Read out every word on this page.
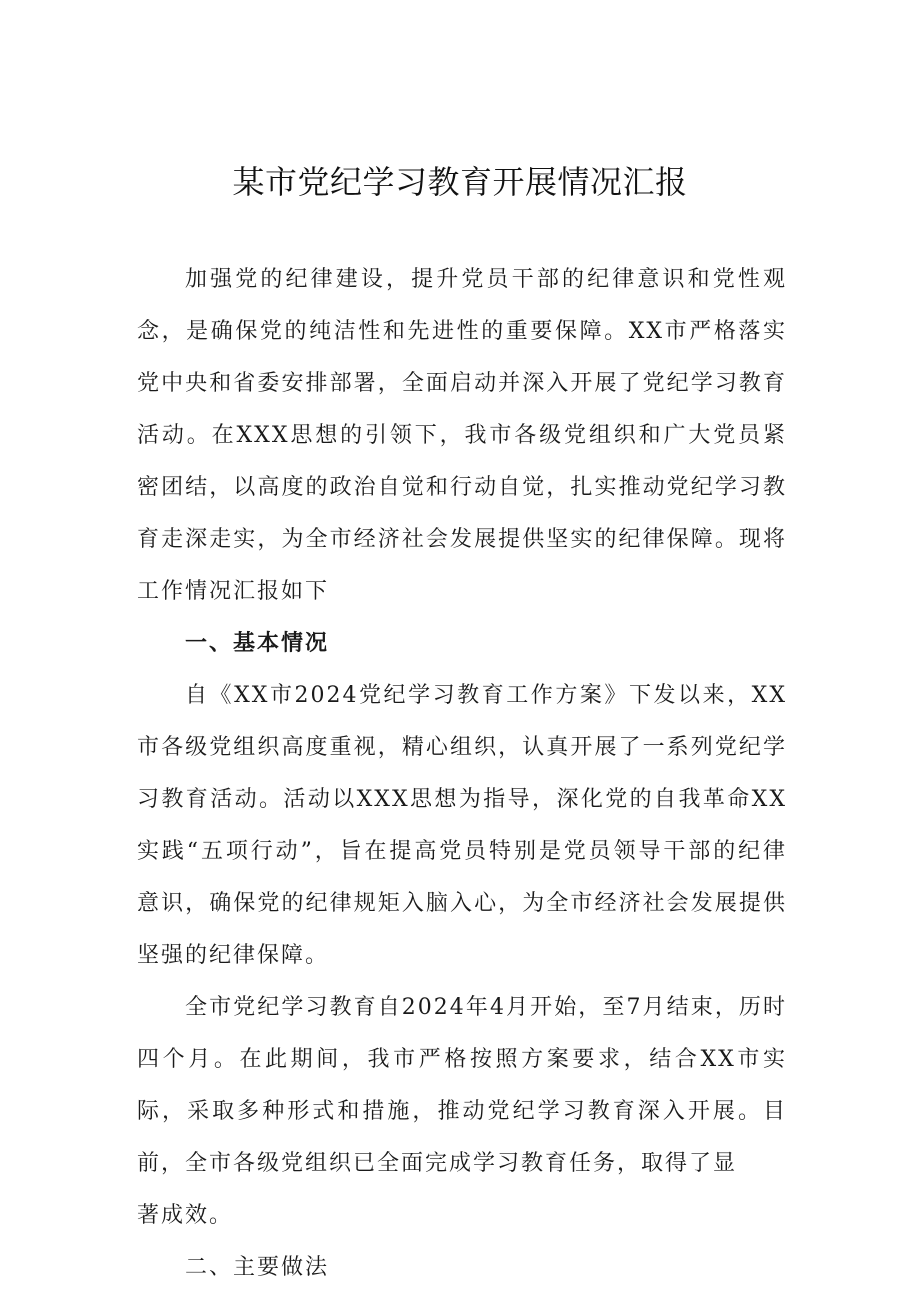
某市党纪学习教育开展情况汇报

加强党的纪律建设，提升党员干部的纪律意识和党性观念，是确保党的纯洁性和先进性的重要保障。XX市严格落实党中央和省委安排部署，全面启动并深入开展了党纪学习教育活动。在XXX思想的引领下，我市各级党组织和广大党员紧密团结，以高度的政治自觉和行动自觉，扎实推动党纪学习教育走深走实，为全市经济社会发展提供坚实的纪律保障。现将工作情况汇报如下

一、基本情况

自《XX市2024党纪学习教育工作方案》下发以来，XX市各级党组织高度重视，精心组织，认真开展了一系列党纪学习教育活动。活动以XXX思想为指导，深化党的自我革命XX实践“五项行动”，旨在提高党员特别是党员领导干部的纪律意识，确保党的纪律规矩入脑入心，为全市经济社会发展提供坚强的纪律保障。

全市党纪学习教育自2024年4月开始，至7月结束，历时四个月。在此期间，我市严格按照方案要求，结合XX市实际，采取多种形式和措施，推动党纪学习教育深入开展。目前，全市各级党组织已全面完成学习教育任务，取得了显

著成效。

二、主要做法
